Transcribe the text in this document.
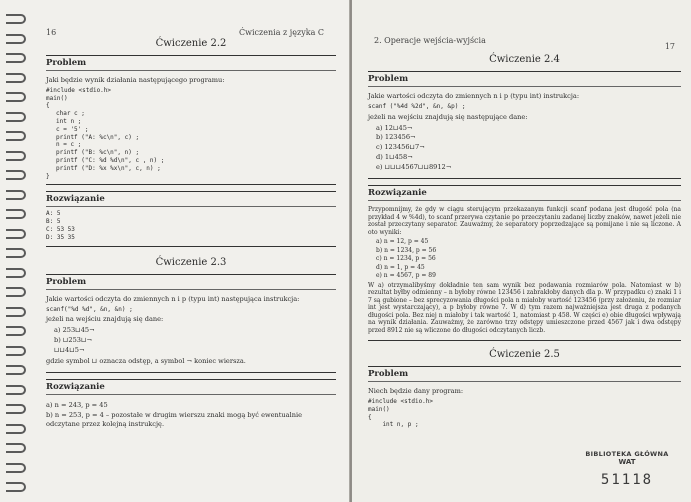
16	Ćwiczenia z języka C
Ćwiczenie 2.2
Problem

Jaki będzie wynik działania następującego programu:

#include <stdio.h>
main()
{
char c ;
int n ;
c = '5' ;
printf ("A: %c\n", c) ;
n = c ;
printf ("B: %c\n", n) ;
printf ("C: %d %d\n", c , n) ;
printf ("D: %x %x\n", c, n) ;
}
Rozwiązanie
A: 5
B: 5
C: 53 53
D: 35 35
Ćwiczenie 2.3
Problem

Jakie wartości odczyta do zmiennych n i p (typu int) następująca instrukcja:

scanf("%d %d", &n, &n) ;

jeżeli na wejściu znajdują się dane:

a) 253⊔45¬
b) ⊔253⊔¬
⊔⊔4⊔5¬

gdzie symbol ⊔ oznacza odstęp, a symbol ¬ koniec wiersza.

Rozwiązanie
a) n = 243, p = 45
b) n = 253, p = 4 – pozostałe w drugim wierszu znaki mogą być ewentualnie odczytane przez kolejną instrukcję.
2. Operacje wejścia-wyjścia
17
Ćwiczenie 2.4
Problem

Jakie wartości odczyta do zmiennych n i p (typu int) instrukcja:

scanf ("%4d %2d", &n, &p) ;

jeżeli na wejściu znajdują się następujące dane:

a) 12⊔45¬
b) 123456¬
c) 123456⊔7¬
d) 1⊔458¬
e) ⊔⊔⊔4567⊔⊔8912¬
Rozwiązanie

Przypomnijmy, że gdy w ciągu sterującym przekazanym funkcji scanf podana jest długość pola (na przykład 4 w %4d), to scanf przerywa czytanie po przeczytaniu zadanej liczby znaków, nawet jeżeli nie został przeczytany separator. Zauważmy, że separatory poprzedzające są pomijane i nie są liczone. A oto wyniki:

a) n = 12, p = 45
b) n = 1234, p = 56
c) n = 1234, p = 56
d) n = 1, p = 45
e) n = 4567, p = 89

W a) otrzymalibyśmy dokładnie ten sam wynik bez podawania rozmiarów pola. Natomiast w b) rezultat byłby odmienny – n byłoby równe 123456 i zabrakłoby danych dla p. W przypadku c) znaki 1 i 7 są gubione – bez sprecyzowania długości pola n miałoby wartość 123456 (przy założeniu, że rozmiar int jest wystarczający), a p byłoby równe 7. W d) tym razem najważniejsza jest druga z podanych długości pola. Bez niej n miałoby i tak wartość 1, natomiast p 458. W części e) obie długości wpływają na wynik działania. Zauważmy, że zarówno trzy odstępy umieszczone przed 4567 jak i dwa odstępy przed 8912 nie są wliczone do długości odczytanych liczb.

Ćwiczenie 2.5
Problem

Niech będzie dany program:

#include <stdio.h>
main()
{
int n, p ;
BIBLIOTEKA GŁÓWNA
WAT
51118
